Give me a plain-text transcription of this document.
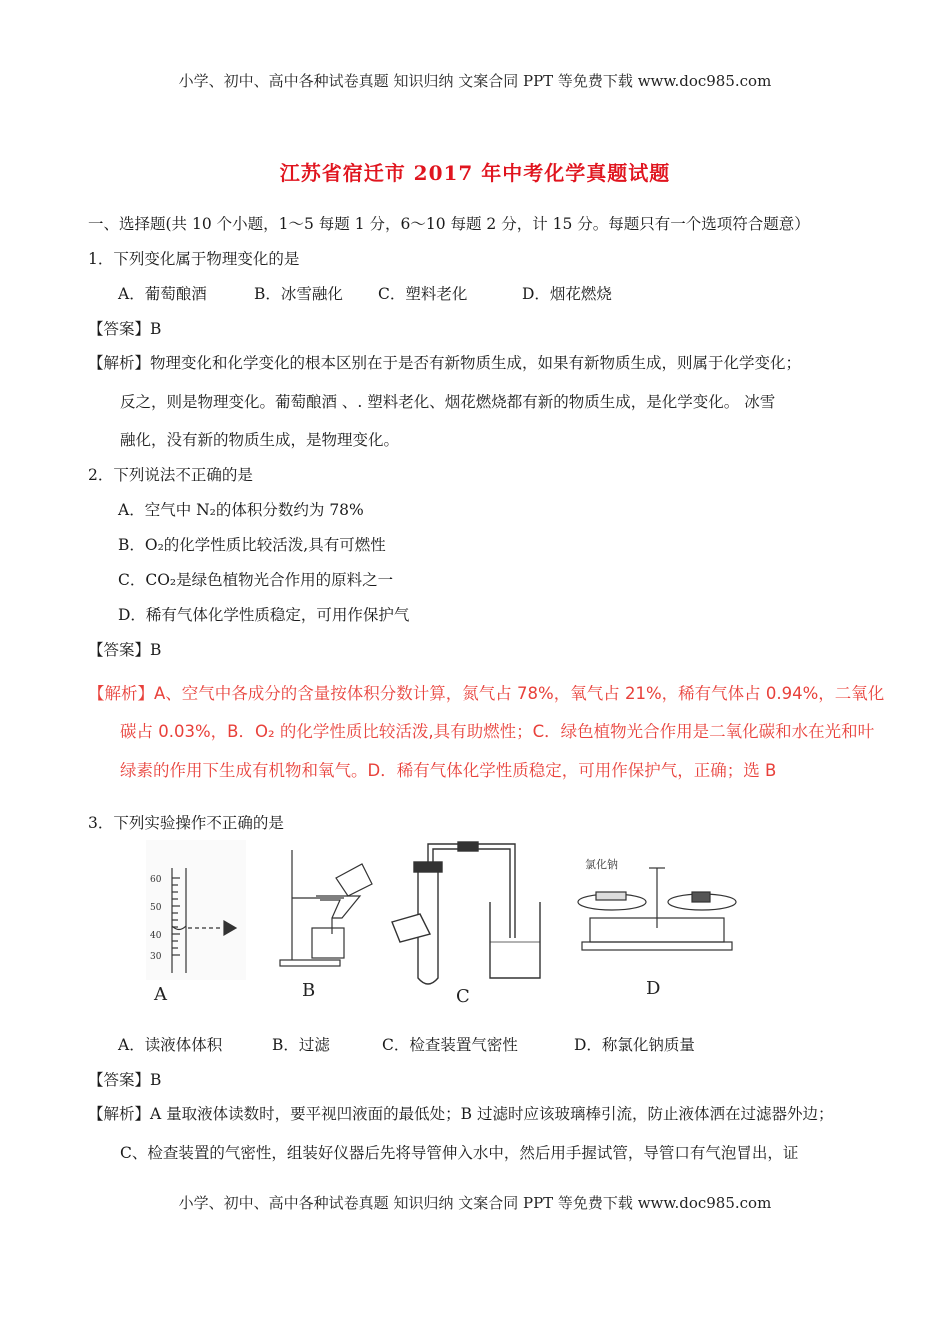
小学、初中、高中各种试卷真题 知识归纳 文案合同 PPT 等免费下载 www.doc985.com
江苏省宿迁市 2017 年中考化学真题试题
一、选择题(共 10 个小题，1～5 每题 1 分，6～10 每题 2 分，计 15 分。每题只有一个选项符合题意）
1．下列变化属于物理变化的是
A．葡萄酿酒	B．冰雪融化 C．塑料老化	D．烟花燃烧
【答案】B
【解析】物理变化和化学变化的根本区别在于是否有新物质生成，如果有新物质生成，则属于化学变化；
反之，则是物理变化。葡萄酿酒 、. 塑料老化、烟花燃烧都有新的物质生成，是化学变化。 冰雪
融化，没有新的物质生成，是物理变化。
2．下列说法不正确的是
A．空气中 N₂的体积分数约为 78%
B．O₂的化学性质比较活泼,具有可燃性
C．CO₂是绿色植物光合作用的原料之一
D．稀有气体化学性质稳定，可用作保护气
【答案】B
【解析】A、空气中各成分的含量按体积分数计算，氮气占 78%，氧气占 21%，稀有气体占 0.94%，二氧化
碳占 0.03%，B．O₂ 的化学性质比较活泼,具有助燃性；C．绿色植物光合作用是二氧化碳和水在光和叶
绿素的作用下生成有机物和氧气。D．稀有气体化学性质稳定，可用作保护气，正确；选 B
3．下列实验操作不正确的是
60
50
40
30
A	B	C
氯化钠
D
A．读液体体积	B．过滤	C．检查装置气密性	D．称氯化钠质量
【答案】B
【解析】A 量取液体读数时，要平视凹液面的最低处；B 过滤时应该玻璃棒引流，防止液体洒在过滤器外边；
C、检查装置的气密性，组装好仪器后先将导管伸入水中，然后用手握试管，导管口有气泡冒出，证
小学、初中、高中各种试卷真题 知识归纳 文案合同 PPT 等免费下载 www.doc985.com
